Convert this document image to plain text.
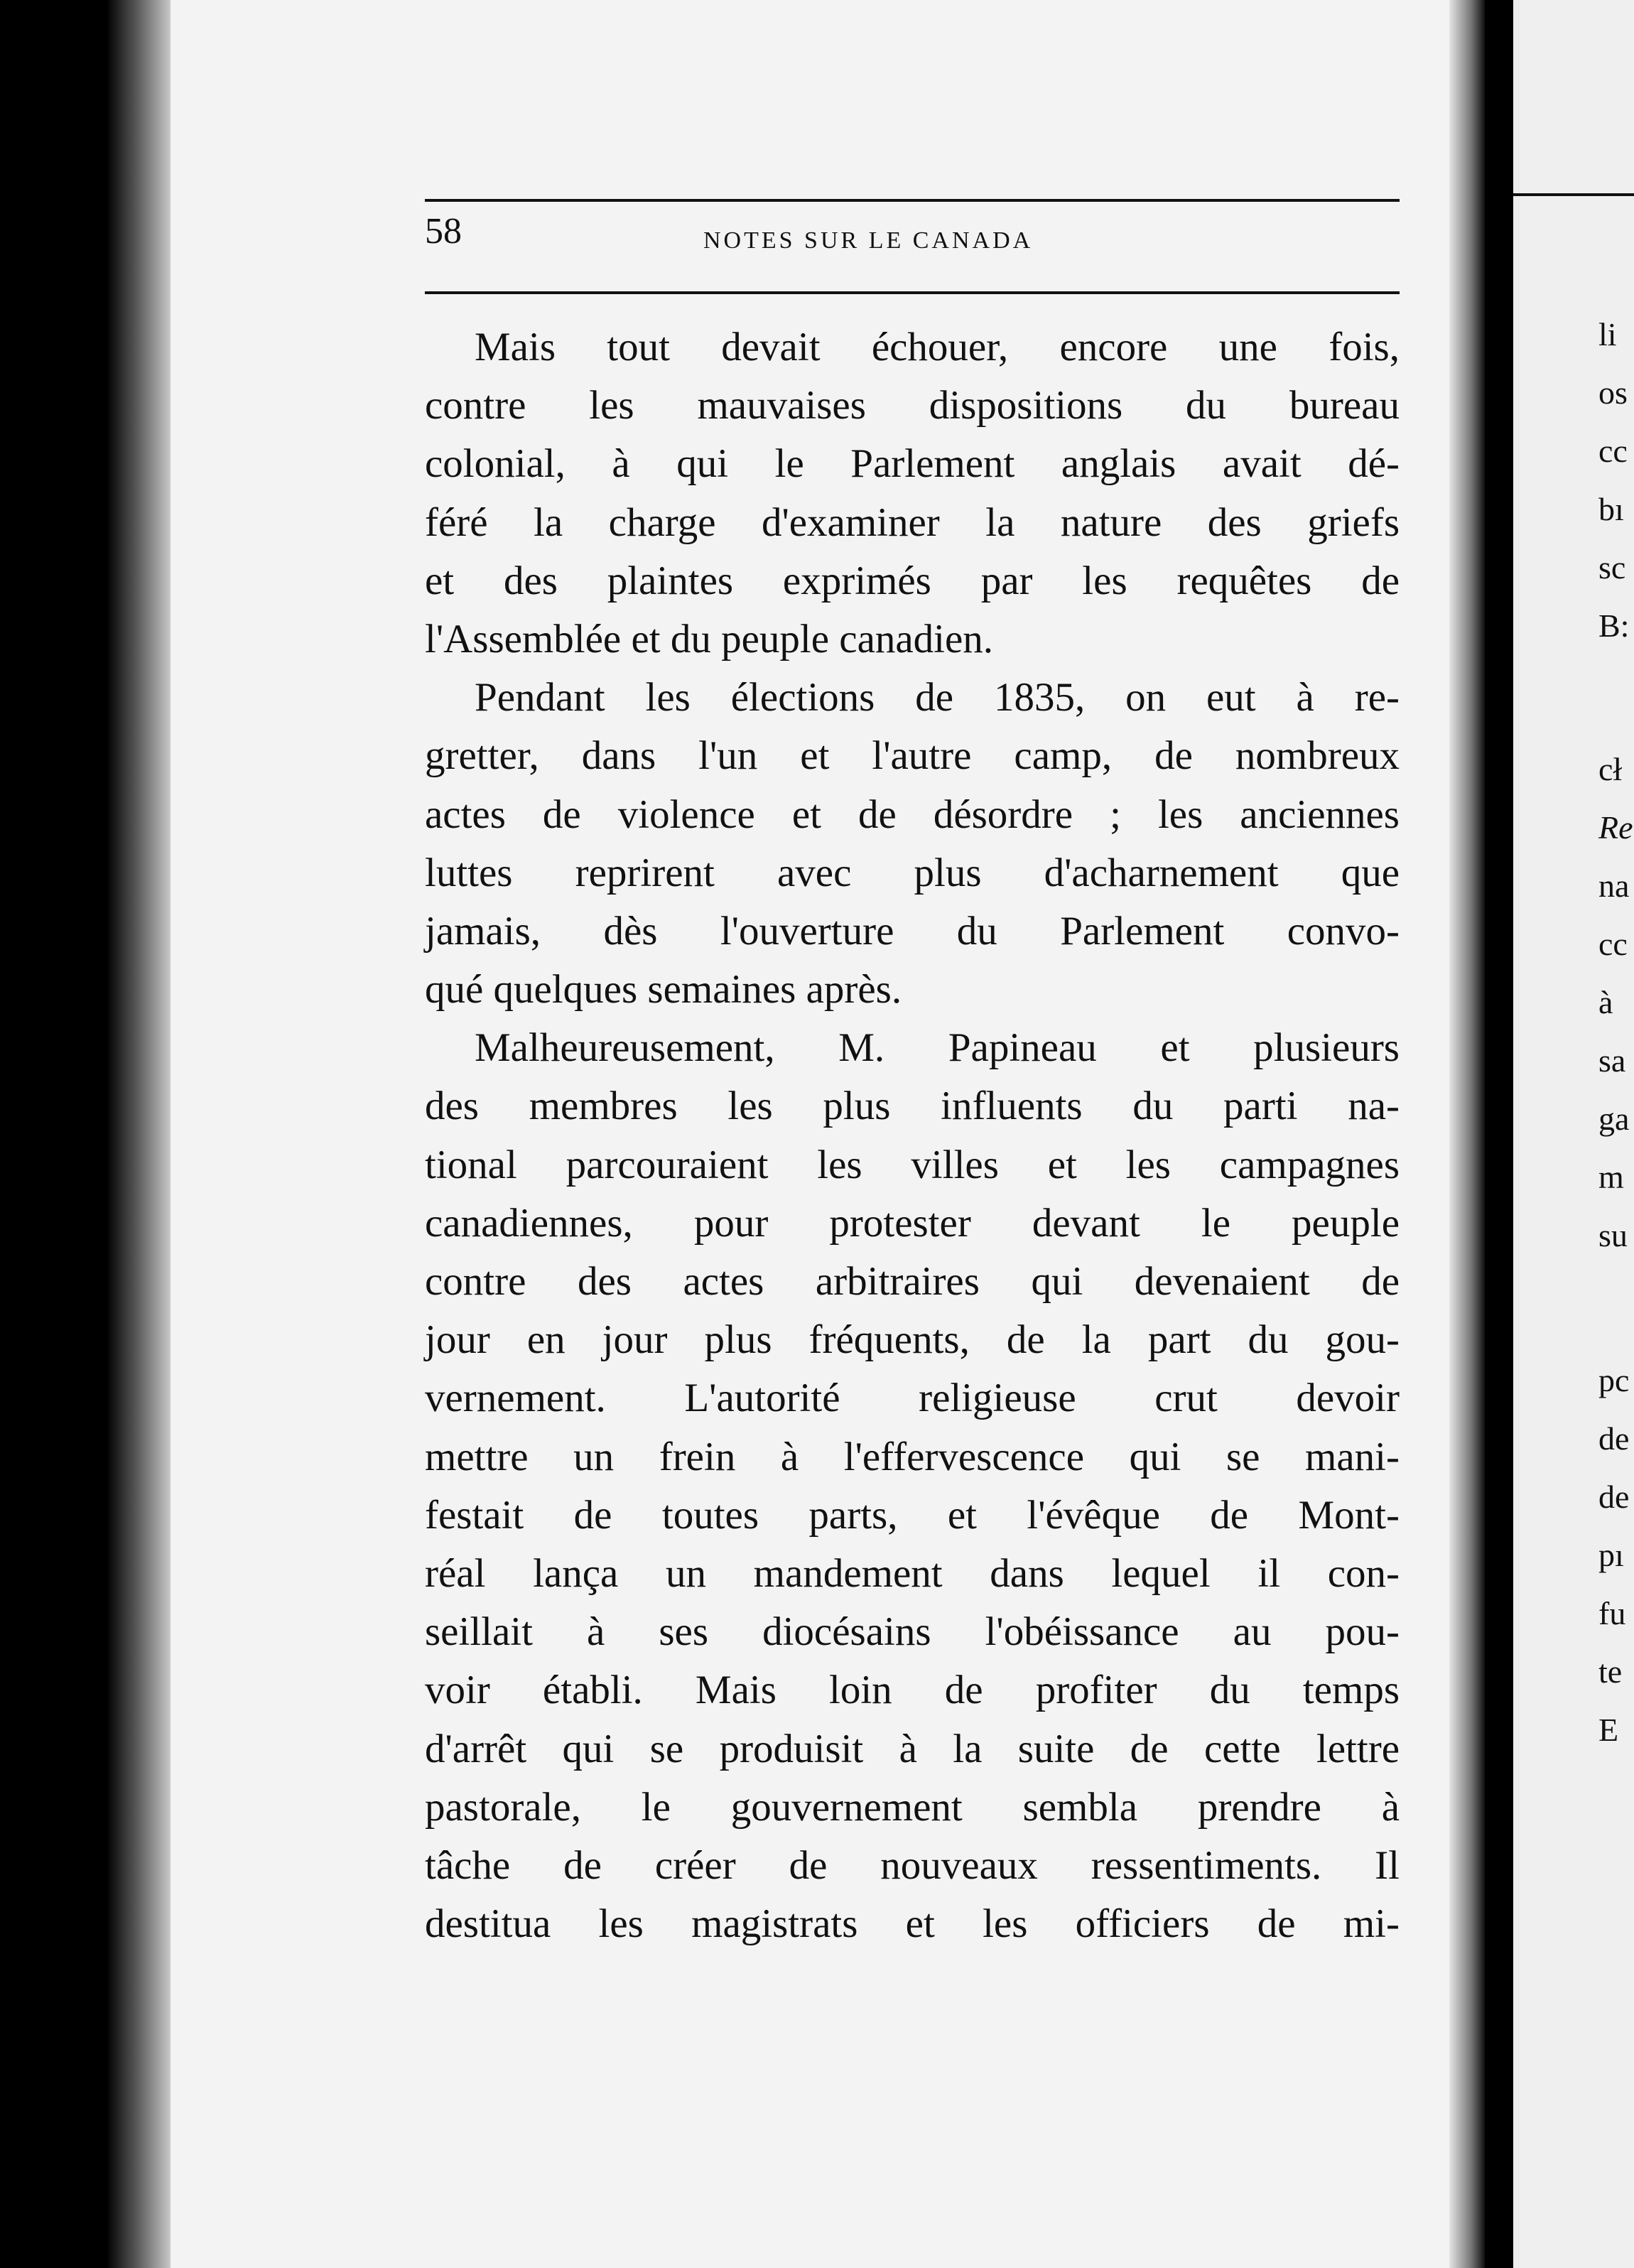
58	NOTES SUR LE CANADA
Mais tout devait échouer, encore une fois,
contre les mauvaises dispositions du bureau
colonial, à qui le Parlement anglais avait dé-
féré la charge d'examiner la nature des griefs
et des plaintes exprimés par les requêtes de
l'Assemblée et du peuple canadien.
Pendant les élections de 1835, on eut à re-
gretter, dans l'un et l'autre camp, de nombreux
actes de violence et de désordre ; les anciennes
luttes reprirent avec plus d'acharnement que
jamais, dès l'ouverture du Parlement convo-
qué quelques semaines après.
Malheureusement, M. Papineau et plusieurs
des membres les plus influents du parti na-
tional parcouraient les villes et les campagnes
canadiennes, pour protester devant le peuple
contre des actes arbitraires qui devenaient de
jour en jour plus fréquents, de la part du gou-
vernement. L'autorité religieuse crut devoir
mettre un frein à l'effervescence qui se mani-
festait de toutes parts, et l'évêque de Mont-
réal lança un mandement dans lequel il con-
seillait à ses diocésains l'obéissance au pou-
voir établi. Mais loin de profiter du temps
d'arrêt qui se produisit à la suite de cette lettre
pastorale, le gouvernement sembla prendre à
tâche de créer de nouveaux ressentiments. Il
destitua les magistrats et les officiers de mi-
li
os
cc
bı
sc
B:
cł
Re
na
cc
à
sa
ga
m
su
pc
de
de
pı
fu
te
E
